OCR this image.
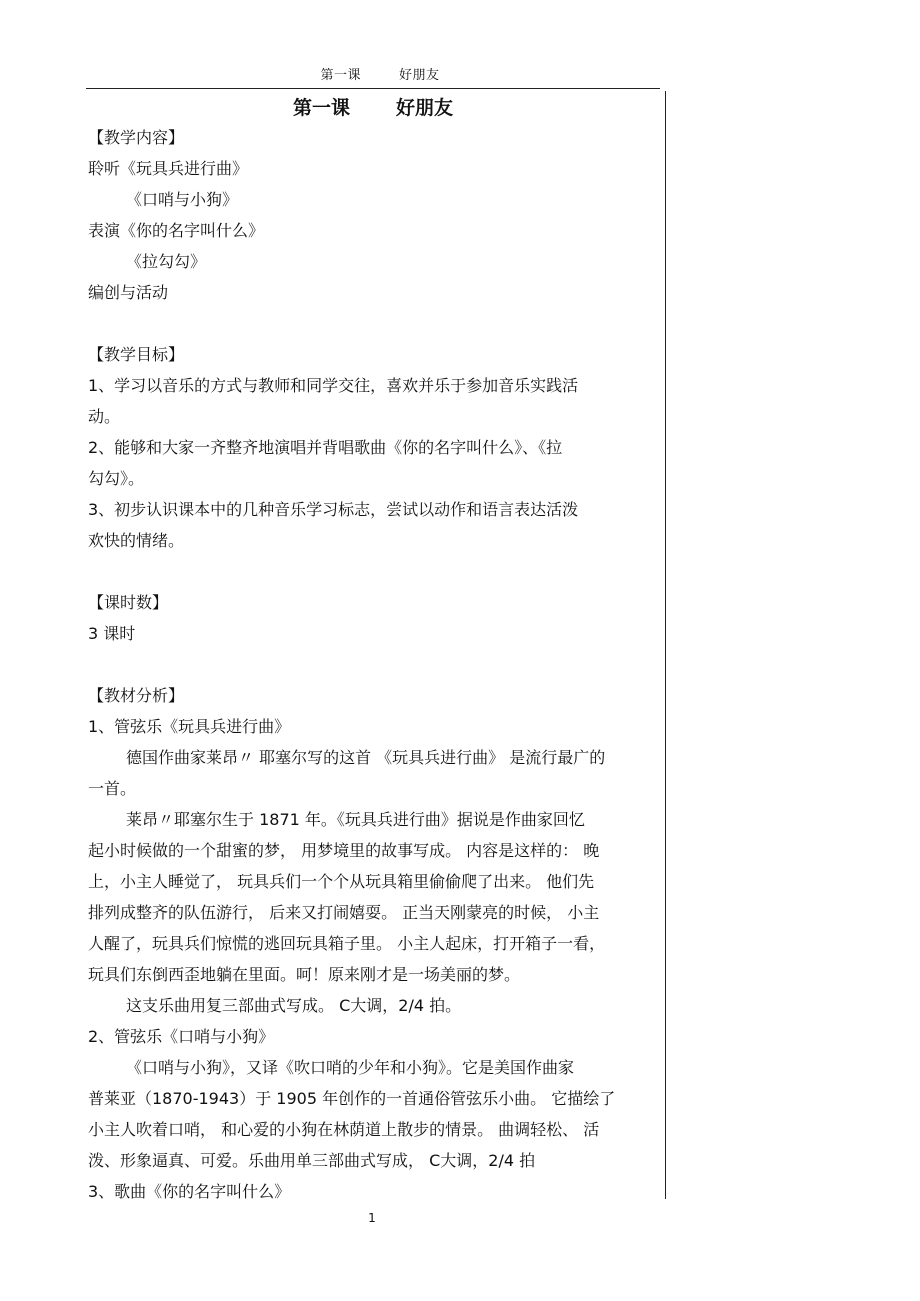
第一课	好朋友
第一课 好朋友
【教学内容】
聆听《玩具兵进行曲》
《口哨与小狗》
表演《你的名字叫什么》
《拉勾勾》
编创与活动
【教学目标】
1、学习以音乐的方式与教师和同学交往，喜欢并乐于参加音乐实践活
动。
2、能够和大家一齐整齐地演唱并背唱歌曲《你的名字叫什么》、《拉
勾勾》。
3、初步认识课本中的几种音乐学习标志，尝试以动作和语言表达活泼
欢快的情绪。
【课时数】
3 课时
【教材分析】
1、管弦乐《玩具兵进行曲》
德国作曲家莱昂〃 耶塞尔写的这首 《玩具兵进行曲》 是流行最广的
一首。
莱昂〃耶塞尔生于 1871 年。《玩具兵进行曲》据说是作曲家回忆
起小时候做的一个甜蜜的梦， 用梦境里的故事写成。 内容是这样的： 晚
上，小主人睡觉了， 玩具兵们一个个从玩具箱里偷偷爬了出来。 他们先
排列成整齐的队伍游行， 后来又打闹嬉耍。 正当天刚蒙亮的时候， 小主
人醒了，玩具兵们惊慌的逃回玩具箱子里。 小主人起床，打开箱子一看，
玩具们东倒西歪地躺在里面。呵！原来刚才是一场美丽的梦。
这支乐曲用复三部曲式写成。 C大调，2/4 拍。
2、管弦乐《口哨与小狗》
《口哨与小狗》，又译《吹口哨的少年和小狗》。它是美国作曲家
普莱亚（1870-1943）于 1905 年创作的一首通俗管弦乐小曲。 它描绘了
小主人吹着口哨， 和心爱的小狗在林荫道上散步的情景。 曲调轻松、 活
泼、形象逼真、可爱。乐曲用单三部曲式写成， C大调，2/4 拍
3、歌曲《你的名字叫什么》
1
